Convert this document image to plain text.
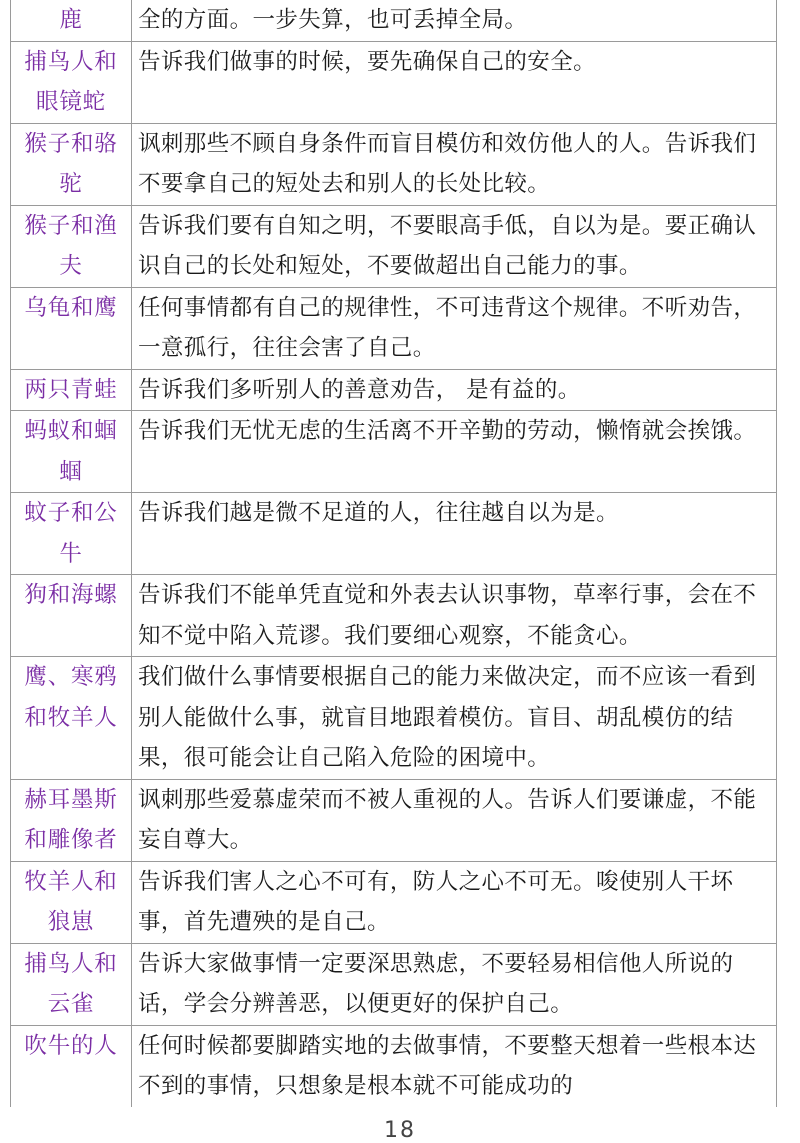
鹿	全的方面。一步失算，也可丢掉全局。
捕鸟人和眼镜蛇	告诉我们做事的时候，要先确保自己的安全。
猴子和骆驼	讽刺那些不顾自身条件而盲目模仿和效仿他人的人。告诉我们不要拿自己的短处去和别人的长处比较。
猴子和渔夫	告诉我们要有自知之明，不要眼高手低，自以为是。要正确认识自己的长处和短处，不要做超出自己能力的事。
乌龟和鹰	任何事情都有自己的规律性，不可违背这个规律。不听劝告，一意孤行，往往会害了自己。
两只青蛙	告诉我们多听别人的善意劝告， 是有益的。
蚂蚁和蝈蝈	告诉我们无忧无虑的生活离不开辛勤的劳动，懒惰就会挨饿。
蚊子和公牛	告诉我们越是微不足道的人，往往越自以为是。
狗和海螺	告诉我们不能单凭直觉和外表去认识事物，草率行事，会在不知不觉中陷入荒谬。我们要细心观察，不能贪心。
鹰、寒鸦和牧羊人	我们做什么事情要根据自己的能力来做决定，而不应该一看到别人能做什么事，就盲目地跟着模仿。盲目、胡乱模仿的结果，很可能会让自己陷入危险的困境中。
赫耳墨斯和雕像者	讽刺那些爱慕虚荣而不被人重视的人。告诉人们要谦虚，不能妄自尊大。
牧羊人和狼崽	告诉我们害人之心不可有，防人之心不可无。唆使别人干坏事，首先遭殃的是自己。
捕鸟人和云雀	告诉大家做事情一定要深思熟虑，不要轻易相信他人所说的话，学会分辨善恶，以便更好的保护自己。
吹牛的人	任何时候都要脚踏实地的去做事情，不要整天想着一些根本达不到的事情，只想象是根本就不可能成功的
18
